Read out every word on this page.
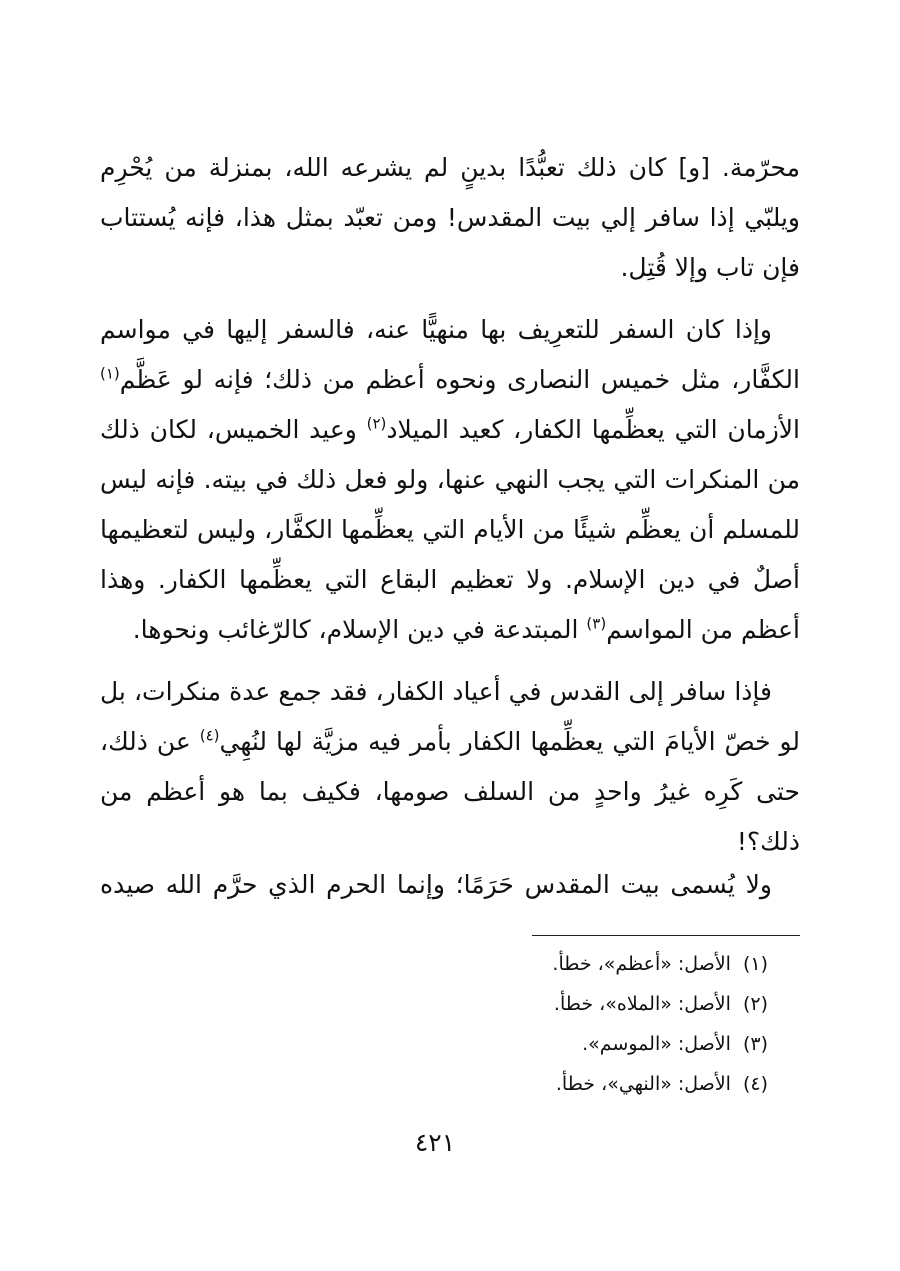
محرّمة. [و] كان ذلك تعبُّدًا بدينٍ لم يشرعه الله، بمنزلة من يُحْرِم ويلبّي إذا سافر إلي بيت المقدس! ومن تعبّد بمثل هذا، فإنه يُستتاب فإن تاب وإلا قُتِل.

وإذا كان السفر للتعرِيف بها منهيًّا عنه، فالسفر إليها في مواسم الكفَّار، مثل خميس النصارى ونحوه أعظم من ذلك؛ فإنه لو عَظَّم$^{(١)}$ الأزمان التي يعظِّمها الكفار، كعيد الميلاد$^{(٢)}$ وعيد الخميس، لكان ذلك من المنكرات التي يجب النهي عنها، ولو فعل ذلك في بيته. فإنه ليس للمسلم أن يعظِّم شيئًا من الأيام التي يعظِّمها الكفَّار، وليس لتعظيمها أصلٌ في دين الإسلام. ولا تعظيم البقاع التي يعظِّمها الكفار. وهذا أعظم من المواسم$^{(٣)}$ المبتدعة في دين الإسلام، كالرّغائب ونحوها.

فإذا سافر إلى القدس في أعياد الكفار، فقد جمع عدة منكرات، بل لو خصّ الأيامَ التي يعظِّمها الكفار بأمر فيه مزيَّة لها لنُهِي$^{(٤)}$ عن ذلك، حتى كَرِه غيرُ واحدٍ من السلف صومها، فكيف بما هو أعظم من ذلك؟!

ولا يُسمى بيت المقدس حَرَمًا؛ وإنما الحرم الذي حرَّم الله صيده

(١)الأصل: «أعظم»، خطأ.
(٢)الأصل: «الملاه»، خطأ.
(٣)الأصل: «الموسم».
(٤)الأصل: «النهي»، خطأ.
٤٢١
